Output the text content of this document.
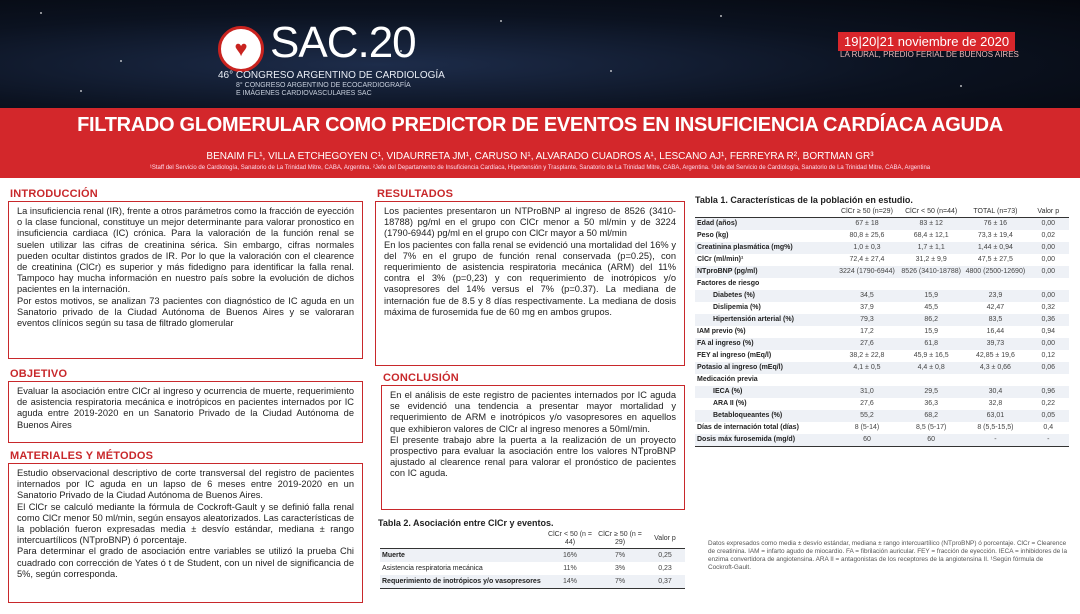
♥ SAC.20
46° CONGRESO ARGENTINO DE CARDIOLOGÍA
8° CONGRESO ARGENTINO DE ECOCARDIOGRAFÍA
E IMÁGENES CARDIOVASCULARES SAC
19|20|21 noviembre de 2020
LA RURAL, PREDIO FERIAL DE BUENOS AIRES
FILTRADO GLOMERULAR COMO PREDICTOR DE EVENTOS EN INSUFICIENCIA CARDÍACA AGUDA
BENAIM FL¹, VILLA ETCHEGOYEN C¹, VIDAURRETA JM¹, CARUSO N¹, ALVARADO CUADROS A¹, LESCANO AJ¹, FERREYRA R², BORTMAN GR³
¹Staff del Servicio de Cardiología, Sanatorio de La Trinidad Mitre, CABA, Argentina. ²Jefe del Departamento de Insuficiencia Cardíaca, Hipertensión y Trasplante, Sanatorio de La Trinidad Mitre, CABA, Argentina. ³Jefe del Servicio de Cardiología, Sanatorio de La Trinidad Mitre, CABA, Argentina
INTRODUCCIÓN

La insuficiencia renal (IR), frente a otros parámetros como la fracción de eyección o la clase funcional, constituye un mejor determinante para valorar pronostico en insuficiencia cardiaca (IC) crónica. Para la valoración de la función renal se suelen utilizar las cifras de creatinina sérica. Sin embargo, cifras normales pueden ocultar distintos grados de IR. Por lo que la valoración con el clearence de creatinina (ClCr) es superior y más fidedigno para identificar la falla renal. Tampoco hay mucha información en nuestro país sobre la evolución de dichos pacientes en la internación.

Por estos motivos, se analizan 73 pacientes con diagnóstico de IC aguda en un Sanatorio privado de la Ciudad Autónoma de Buenos Aires y se valoraran eventos clínicos según su tasa de filtrado glomerular

OBJETIVO

Evaluar la asociación entre ClCr al ingreso y ocurrencia de muerte, requerimiento de asistencia respiratoria mecánica e inotrópicos en pacientes internados por IC aguda entre 2019-2020 en un Sanatorio Privado de la Ciudad Autónoma de Buenos Aires

MATERIALES Y MÉTODOS

Estudio observacional descriptivo de corte transversal del registro de pacientes internados por IC aguda en un lapso de 6 meses entre 2019-2020 en un Sanatorio Privado de la Ciudad Autónoma de Buenos Aires.

El ClCr se calculó mediante la fórmula de Cockroft-Gault y se definió falla renal como ClCr menor 50 ml/min, según ensayos aleatorizados. Las características de la población fueron expresadas media ± desvío estándar, mediana ± rango intercuartílicos (NTproBNP) ó porcentaje.

Para determinar el grado de asociación entre variables se utilizó la prueba Chi cuadrado con corrección de Yates ó t de Student, con un nivel de significancia de 5%, según corresponda.

RESULTADOS

Los pacientes presentaron un NTProBNP al ingreso de 8526 (3410-18788) pg/ml en el grupo con ClCr menor a 50 ml/min y de 3224 (1790-6944) pg/ml en el grupo con ClCr mayor a 50 ml/min

En los pacientes con falla renal se evidenció una mortalidad del 16% y del 7% en el grupo de función renal conservada (p=0.25), con requerimiento de asistencia respiratoria mecánica (ARM) del 11% contra el 3% (p=0,23) y con requerimiento de inotrópicos y/o vasopresores del 14% versus el 7% (p=0.37). La mediana de internación fue de 8.5 y 8 días respectivamente. La mediana de dosis máxima de furosemida fue de 60 mg en ambos grupos.

CONCLUSIÓN

En el análisis de este registro de pacientes internados por IC aguda se evidenció una tendencia a presentar mayor mortalidad y requerimiento de ARM e inotrópicos y/o vasopresores en aquellos que exhibieron valores de ClCr al ingreso menores a 50ml/min.

El presente trabajo abre la puerta a la realización de un proyecto prospectivo para evaluar la asociación entre los valores NTproBNP ajustado al clearence renal para valorar el pronóstico de pacientes con IC aguda.

Tabla 2. Asociación entre ClCr y eventos.
	ClCr < 50 (n = 44)	ClCr ≥ 50 (n = 29)	Valor p
Muerte	16%	7%	0,25
Asistencia respiratoria mecánica	11%	3%	0,23
Requerimiento de inotrópicos y/o vasopresores	14%	7%	0,37
Tabla 1. Características de la población en estudio.
	ClCr ≥ 50 (n=29)	ClCr < 50 (n=44)	TOTAL (n=73)	Valor p
Edad (años)	67 ± 18	83 ± 12	76 ± 16	0,00
Peso (kg)	80,8 ± 25,6	68,4 ± 12,1	73,3 ± 19,4	0,02
Creatinina plasmática (mg%)	1,0 ± 0,3	1,7 ± 1,1	1,44 ± 0,94	0,00
ClCr (ml/min)¹	72,4 ± 27,4	31,2 ± 9,9	47,5 ± 27,5	0,00
NTproBNP (pg/ml)	3224 (1790-6944)	8526 (3410-18788)	4800 (2500-12690)	0,00
Factores de riesgo				
Diabetes (%)	34,5	15,9	23,9	0,00
Dislipemia (%)	37,9	45,5	42,47	0,32
Hipertensión arterial (%)	79,3	86,2	83,5	0,36
IAM previo (%)	17,2	15,9	16,44	0,94
FA al ingreso (%)	27,6	61,8	39,73	0,00
FEY al ingreso (mEq/l)	38,2 ± 22,8	45,9 ± 16,5	42,85 ± 19,6	0,12
Potasio al ingreso (mEq/l)	4,1 ± 0,5	4,4 ± 0,8	4,3 ± 0,66	0,06
Medicación previa				
IECA (%)	31,0	29,5	30,4	0,96
ARA II (%)	27,6	36,3	32,8	0,22
Betabloqueantes (%)	55,2	68,2	63,01	0,05
Días de internación total (días)	8 (5-14)	8,5 (5-17)	8 (5,5-15,5)	0,4
Dosis máx furosemida (mg/d)	60	60	-	-
Datos expresados como media ± desvío estándar, mediana ± rango intercuartílico (NTproBNP) ó porcentaje. ClCr = Clearence de creatinina. IAM = infarto agudo de miocardio. FA = fibrilación auricular. FEY = fracción de eyección. IECA = inhibidores de la enzima convertidora de angiotensina. ARA II = antagonistas de los receptores de la angiotensina II. ¹Según fórmula de Cockroft-Gault.
